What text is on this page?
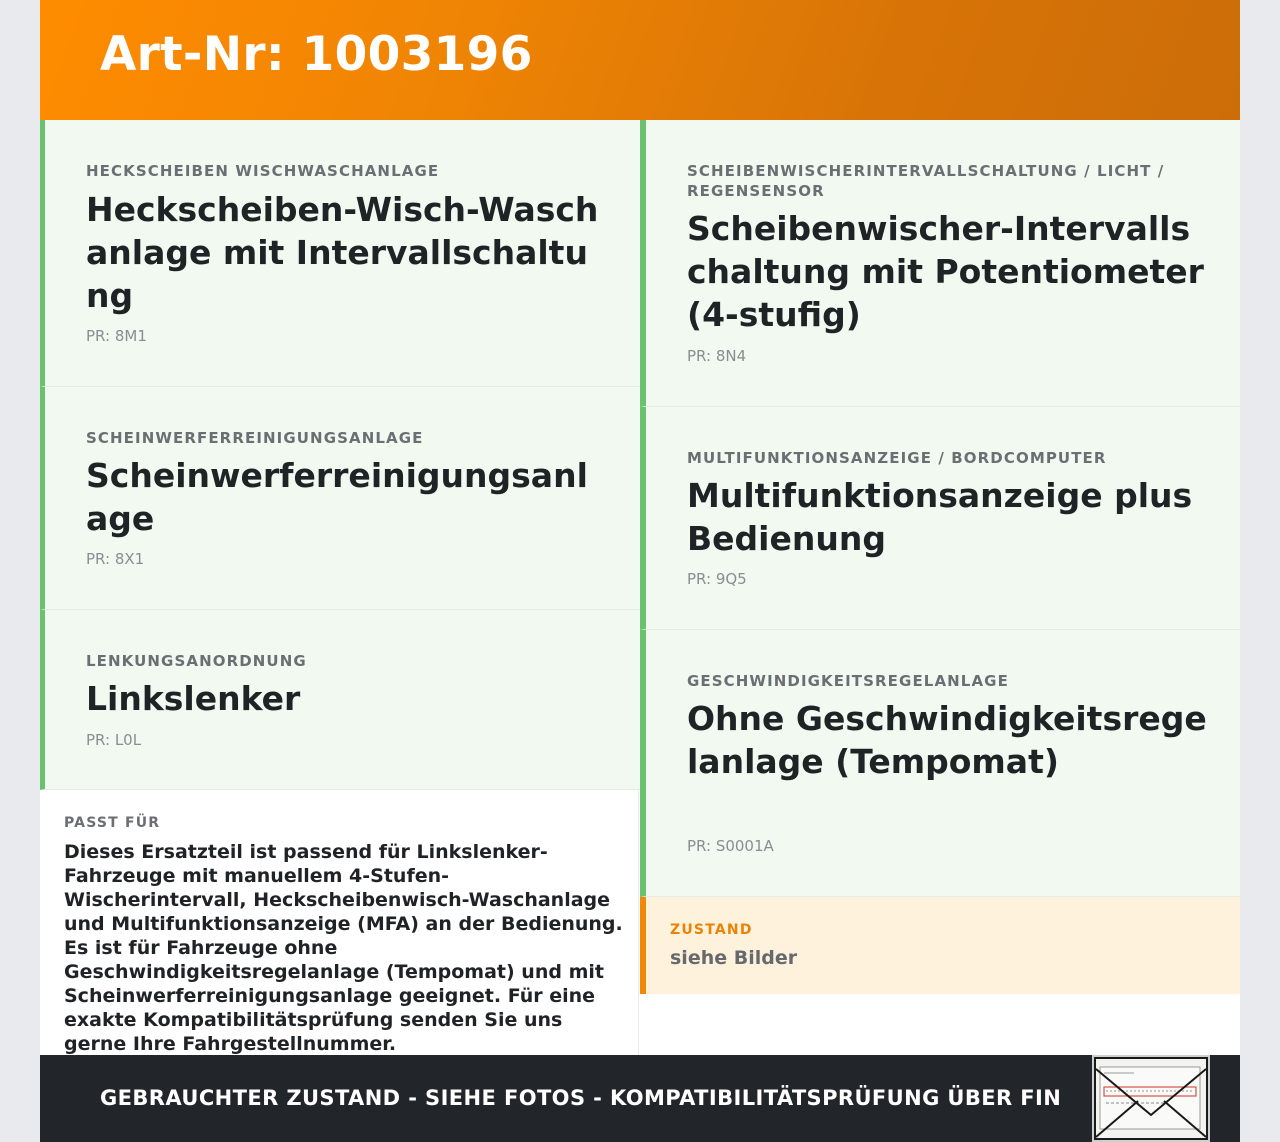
Art-Nr: 1003196
HECKSCHEIBEN WISCHWASCHANLAGE
Heckscheiben-Wisch-Waschanlage mit Intervallschaltung
PR: 8M1
SCHEINWERFERREINIGUNGSANLAGE
Scheinwerferreinigungsanlage
PR: 8X1
LENKUNGSANORDNUNG
Linkslenker
PR: L0L
SCHEIBENWISCHERINTERVALLSCHALTUNG / LICHT / REGENSENSOR
Scheibenwischer-Intervallschaltung mit Potentiometer (4-stufig)
PR: 8N4
MULTIFUNKTIONSANZEIGE / BORDCOMPUTER
Multifunktionsanzeige plus Bedienung
PR: 9Q5
GESCHWINDIGKEITSREGELANLAGE
Ohne Geschwindigkeitsregelanlage (Tempomat)
PR: S0001A
PASST FÜR
Dieses Ersatzteil ist passend für Linkslenker-Fahrzeuge mit manuellem 4-Stufen-Wischerintervall, Heckscheibenwisch-Waschanlage und Multifunktionsanzeige (MFA) an der Bedienung. Es ist für Fahrzeuge ohne Geschwindigkeitsregelanlage (Tempomat) und mit Scheinwerferreinigungsanlage geeignet. Für eine exakte Kompatibilitätsprüfung senden Sie uns gerne Ihre Fahrgestellnummer.
ZUSTAND
siehe Bilder
GEBRAUCHTER ZUSTAND - SIEHE FOTOS - KOMPATIBILITÄTSPRÜFUNG ÜBER FIN
